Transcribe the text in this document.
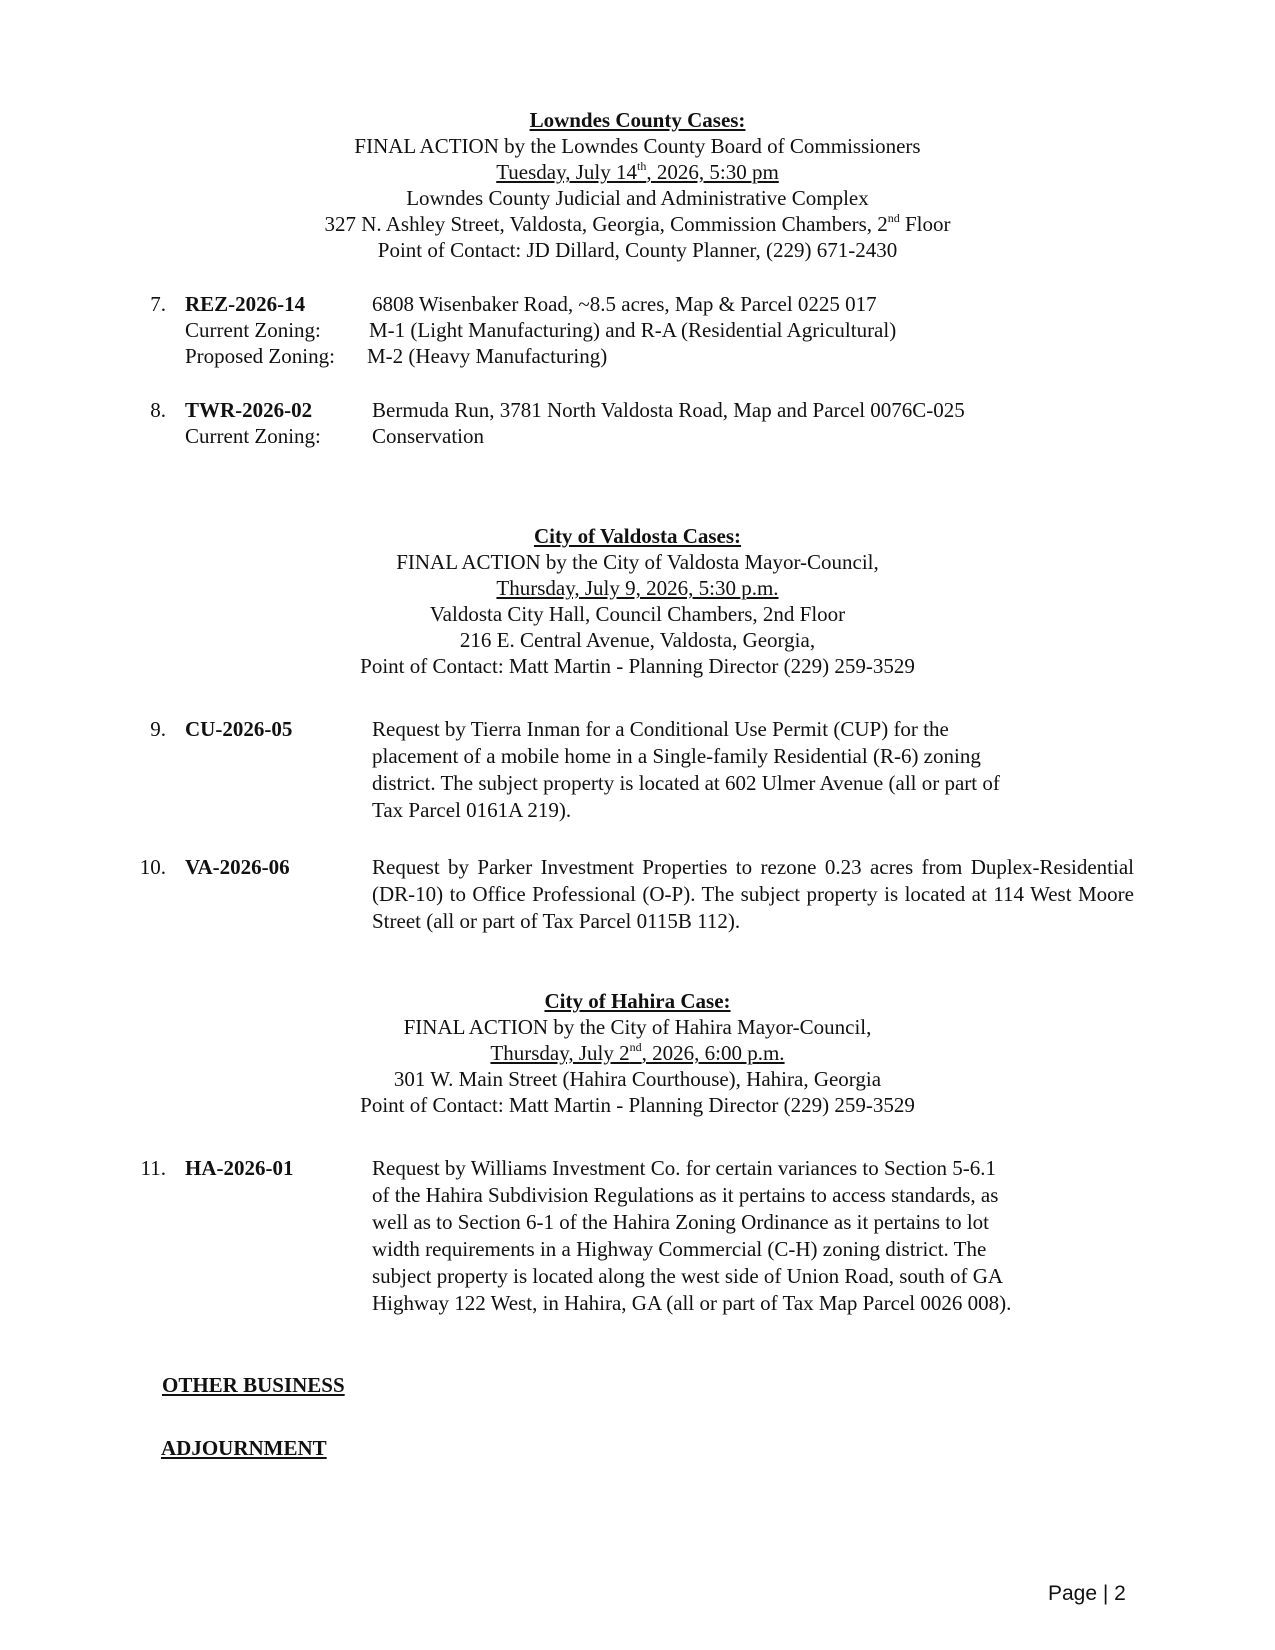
Lowndes County Cases:
FINAL ACTION by the Lowndes County Board of Commissioners
Tuesday, July 14th, 2026, 5:30 pm
Lowndes County Judicial and Administrative Complex
327 N. Ashley Street, Valdosta, Georgia, Commission Chambers, 2nd Floor
Point of Contact: JD Dillard, County Planner, (229) 671-2430
7. REZ-2026-14	6808 Wisenbaker Road, ~8.5 acres, Map & Parcel 0225 017
Current Zoning: M-1 (Light Manufacturing) and R-A (Residential Agricultural)
Proposed Zoning: M-2 (Heavy Manufacturing)
8. TWR-2026-02	Bermuda Run, 3781 North Valdosta Road, Map and Parcel 0076C-025
Current Zoning: Conservation
City of Valdosta Cases:
FINAL ACTION by the City of Valdosta Mayor-Council,
Thursday, July 9, 2026, 5:30 p.m.
Valdosta City Hall, Council Chambers, 2nd Floor
216 E. Central Avenue, Valdosta, Georgia,
Point of Contact: Matt Martin - Planning Director (229) 259-3529
9. CU-2026-05	Request by Tierra Inman for a Conditional Use Permit (CUP) for the
placement of a mobile home in a Single-family Residential (R-6) zoning
district. The subject property is located at 602 Ulmer Avenue (all or part of
Tax Parcel 0161A 219).
10. VA-2026-06	Request by Parker Investment Properties to rezone 0.23 acres from Duplex-Residential (DR-10) to Office Professional (O-P). The subject property is located at 114 West Moore Street (all or part of Tax Parcel 0115B 112).
City of Hahira Case:
FINAL ACTION by the City of Hahira Mayor-Council,
Thursday, July 2nd, 2026, 6:00 p.m.
301 W. Main Street (Hahira Courthouse), Hahira, Georgia
Point of Contact: Matt Martin - Planning Director (229) 259-3529
11. HA-2026-01	Request by Williams Investment Co. for certain variances to Section 5-6.1
of the Hahira Subdivision Regulations as it pertains to access standards, as
well as to Section 6-1 of the Hahira Zoning Ordinance as it pertains to lot
width requirements in a Highway Commercial (C-H) zoning district. The
subject property is located along the west side of Union Road, south of GA
Highway 122 West, in Hahira, GA (all or part of Tax Map Parcel 0026 008).
OTHER BUSINESS
ADJOURNMENT
Page | 2
